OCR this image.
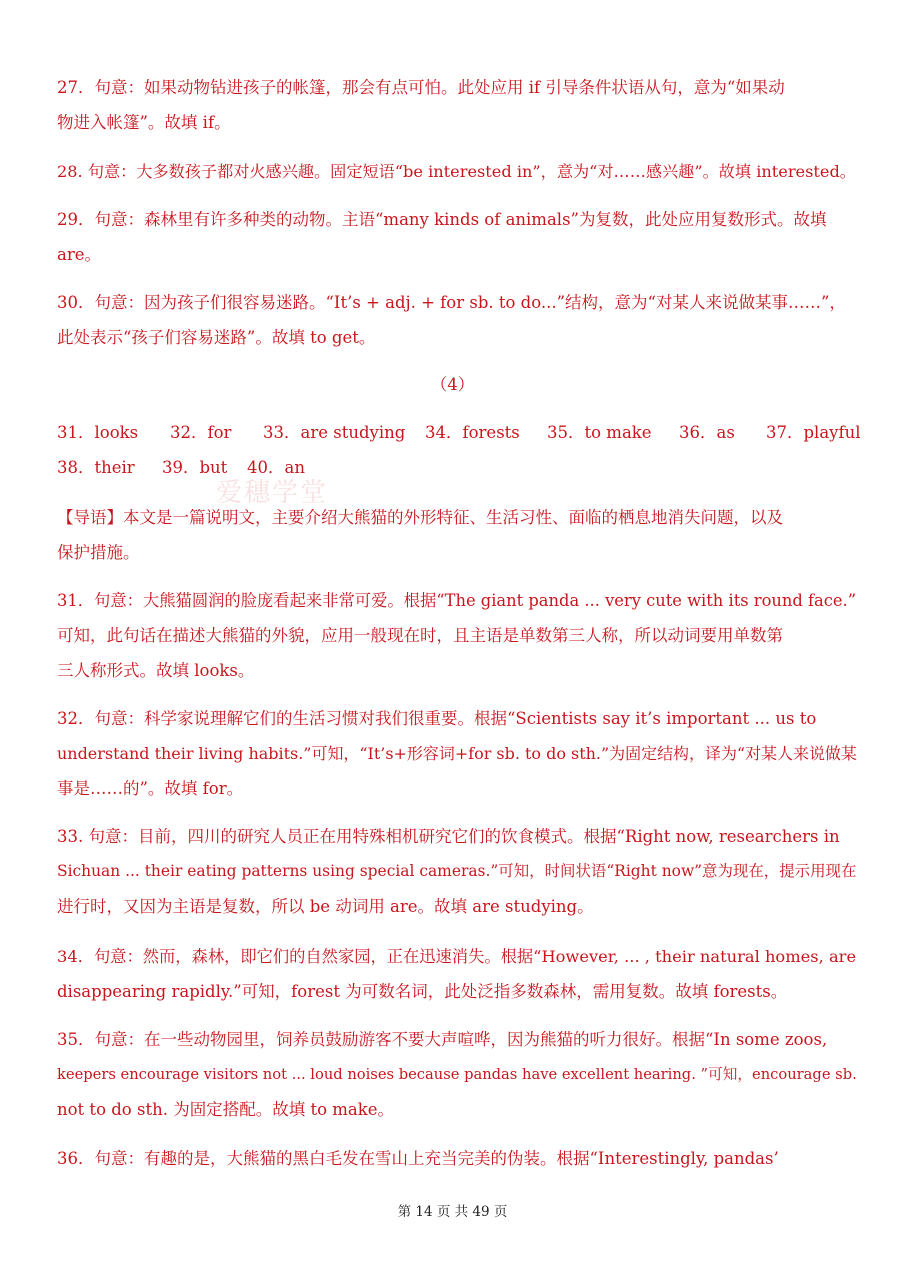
27．句意：如果动物钻进孩子的帐篷，那会有点可怕。此处应用 if 引导条件状语从句，意为“如果动
物进入帐篷”。故填 if。
28. 句意：大多数孩子都对火感兴趣。固定短语“be interested in”，意为“对……感兴趣”。故填 interested。
29．句意：森林里有许多种类的动物。主语“many kinds of animals”为复数，此处应用复数形式。故填
are。
30．句意：因为孩子们很容易迷路。“It’s + adj. + for sb. to do...”结构，意为“对某人来说做某事……”，
此处表示“孩子们容易迷路”。故填 to get。
（4）
31．looks 32．for 33．are studying 34．forests 35．to make 36．as 37．playful
38．their 39．but 40．an
爱穗学堂
【导语】本文是一篇说明文，主要介绍大熊猫的外形特征、生活习性、面临的栖息地消失问题，以及
保护措施。
31．句意：大熊猫圆润的脸庞看起来非常可爱。根据“The giant panda ... very cute with its round face.”
可知，此句话在描述大熊猫的外貌，应用一般现在时，且主语是单数第三人称，所以动词要用单数第
三人称形式。故填 looks。
32．句意：科学家说理解它们的生活习惯对我们很重要。根据“Scientists say it’s important ... us to
understand their living habits.”可知，“It’s+形容词+for sb. to do sth.”为固定结构，译为“对某人来说做某
事是……的”。故填 for。
33. 句意：目前，四川的研究人员正在用特殊相机研究它们的饮食模式。根据“Right now, researchers in
Sichuan ... their eating patterns using special cameras.”可知，时间状语“Right now”意为现在，提示用现在
进行时，又因为主语是复数，所以 be 动词用 are。故填 are studying。
34．句意：然而，森林，即它们的自然家园，正在迅速消失。根据“However, ... , their natural homes, are
disappearing rapidly.”可知，forest 为可数名词，此处泛指多数森林，需用复数。故填 forests。
35．句意：在一些动物园里，饲养员鼓励游客不要大声喧哗，因为熊猫的听力很好。根据“In some zoos,
keepers encourage visitors not ... loud noises because pandas have excellent hearing. ”可知，encourage sb.
not to do sth. 为固定搭配。故填 to make。
36．句意：有趣的是，大熊猫的黑白毛发在雪山上充当完美的伪装。根据“Interestingly, pandas’
第 14 页 共 49 页
